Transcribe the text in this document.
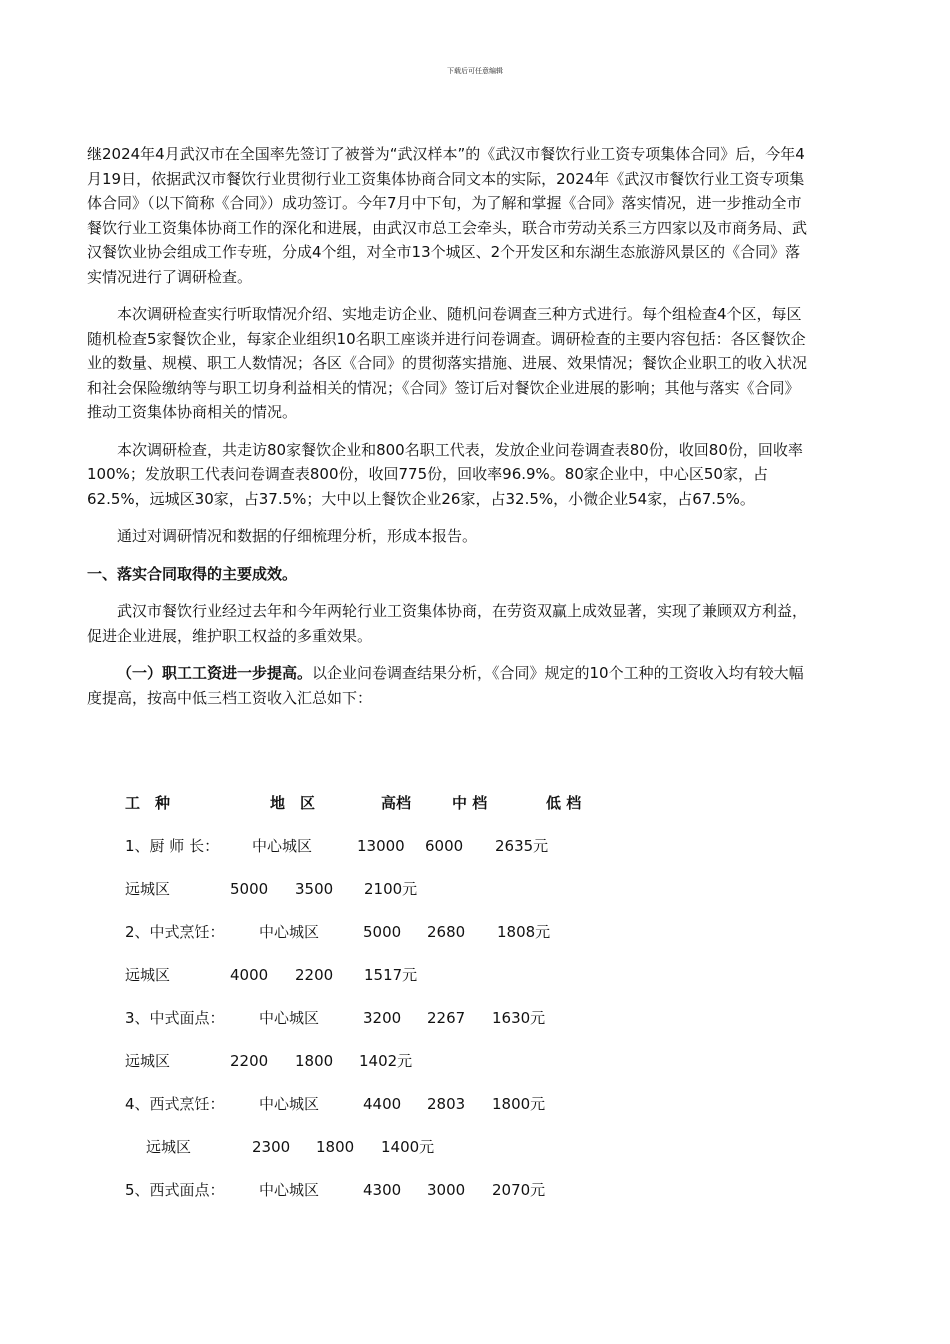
下载后可任意编辑

继2024年4月武汉市在全国率先签订了被誉为“武汉样本”的《武汉市餐饮行业工资专项集体合同》后，今年4月19日，依据武汉市餐饮行业贯彻行业工资集体协商合同文本的实际，2024年《武汉市餐饮行业工资专项集体合同》（以下简称《合同》）成功签订。今年7月中下旬，为了解和掌握《合同》落实情况，进一步推动全市餐饮行业工资集体协商工作的深化和进展，由武汉市总工会牵头，联合市劳动关系三方四家以及市商务局、武汉餐饮业协会组成工作专班，分成4个组，对全市13个城区、2个开发区和东湖生态旅游风景区的《合同》落实情况进行了调研检查。

本次调研检查实行听取情况介绍、实地走访企业、随机问卷调查三种方式进行。每个组检查4个区，每区随机检查5家餐饮企业，每家企业组织10名职工座谈并进行问卷调查。调研检查的主要内容包括：各区餐饮企业的数量、规模、职工人数情况；各区《合同》的贯彻落实措施、进展、效果情况；餐饮企业职工的收入状况和社会保险缴纳等与职工切身利益相关的情况；《合同》签订后对餐饮企业进展的影响；其他与落实《合同》推动工资集体协商相关的情况。

本次调研检查，共走访80家餐饮企业和800名职工代表，发放企业问卷调查表80份，收回80份，回收率100%；发放职工代表问卷调查表800份，收回775份，回收率96.9%。80家企业中，中心区50家，占62.5%，远城区30家，占37.5%；大中以上餐饮企业26家，占32.5%，小微企业54家，占67.5%。

通过对调研情况和数据的仔细梳理分析，形成本报告。

一、落实合同取得的主要成效。

武汉市餐饮行业经过去年和今年两轮行业工资集体协商，在劳资双赢上成效显著，实现了兼顾双方利益，促进企业进展，维护职工权益的多重效果。

（一）职工工资进一步提高。以企业问卷调查结果分析，《合同》规定的10个工种的工资收入均有较大幅度提高，按高中低三档工资收入汇总如下：

工　种	地　区	高档	中 档	低 档
1、厨 师 长： 中心城区	13000 6000 2635元
远城区	5000 3500 2100元
2、中式烹饪： 中心城区	5000 2680 1808元
远城区	4000 2200 1517元
3、中式面点： 中心城区	3200 2267 1630元
远城区	2200 1800 1402元
4、西式烹饪： 中心城区	4400 2803 1800元
远城区	2300 1800 1400元
5、西式面点： 中心城区	4300 3000 2070元
